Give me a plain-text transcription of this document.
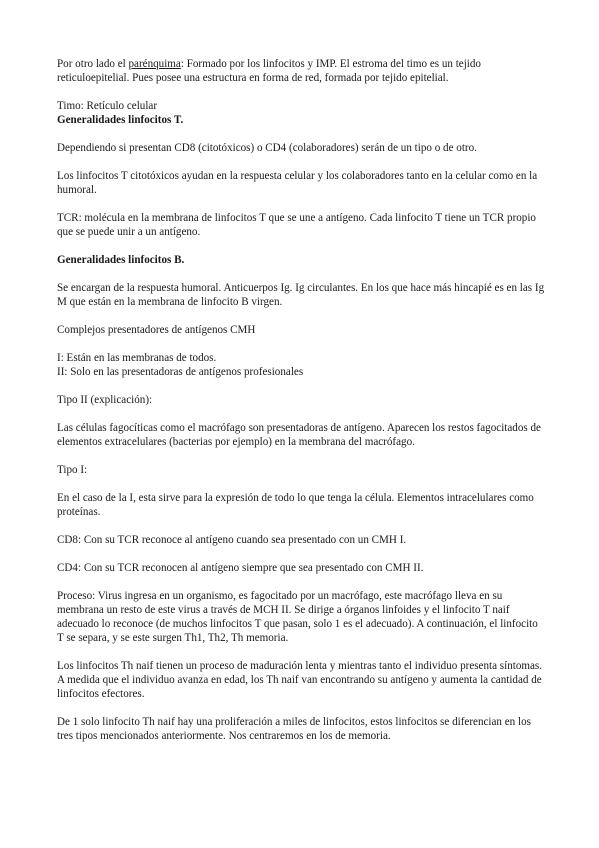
Por otro lado el parénquima: Formado por los linfocitos y IMP. El estroma del timo es un tejido reticuloepitelial. Pues posee una estructura en forma de red, formada por tejido epitelial.

Timo: Retículo celular

Generalidades linfocitos T.

Dependiendo si presentan CD8 (citotóxicos) o CD4 (colaboradores) serán de un tipo o de otro.

Los linfocitos T citotóxicos ayudan en la respuesta celular y los colaboradores tanto en la celular como en la humoral.

TCR: molécula en la membrana de linfocitos T que se une a antígeno. Cada linfocito T tiene un TCR propio que se puede unir a un antígeno.

Generalidades linfocitos B.

Se encargan de la respuesta humoral. Anticuerpos Ig. Ig circulantes. En los que hace más hincapié es en las Ig M que están en la membrana de linfocito B virgen.

Complejos presentadores de antígenos CMH

I: Están en las membranas de todos.
II: Solo en las presentadoras de antígenos profesionales

Tipo II (explicación):

Las células fagocíticas como el macrófago son presentadoras de antígeno. Aparecen los restos fagocitados de elementos extracelulares (bacterias por ejemplo) en la membrana del macrófago.

Tipo I:

En el caso de la I, esta sirve para la expresión de todo lo que tenga la célula. Elementos intracelulares como proteínas.

CD8: Con su TCR reconoce al antígeno cuando sea presentado con un CMH I.

CD4: Con su TCR reconocen al antígeno siempre que sea presentado con CMH II.

Proceso: Virus ingresa en un organismo, es fagocitado por un macrófago, este macrófago lleva en su membrana un resto de este virus a través de MCH II. Se dirige a órganos linfoides y el linfocito T naif adecuado lo reconoce (de muchos linfocitos T que pasan, solo 1 es el adecuado). A continuación, el linfocito T se separa, y se este surgen Th1, Th2, Th memoria.

Los linfocitos Th naif tienen un proceso de maduración lenta y mientras tanto el individuo presenta síntomas. A medida que el individuo avanza en edad, los Th naif van encontrando su antígeno y aumenta la cantidad de linfocitos efectores.

De 1 solo linfocito Th naif hay una proliferación a miles de linfocitos, estos linfocitos se diferencian en los tres tipos mencionados anteriormente. Nos centraremos en los de memoria.
